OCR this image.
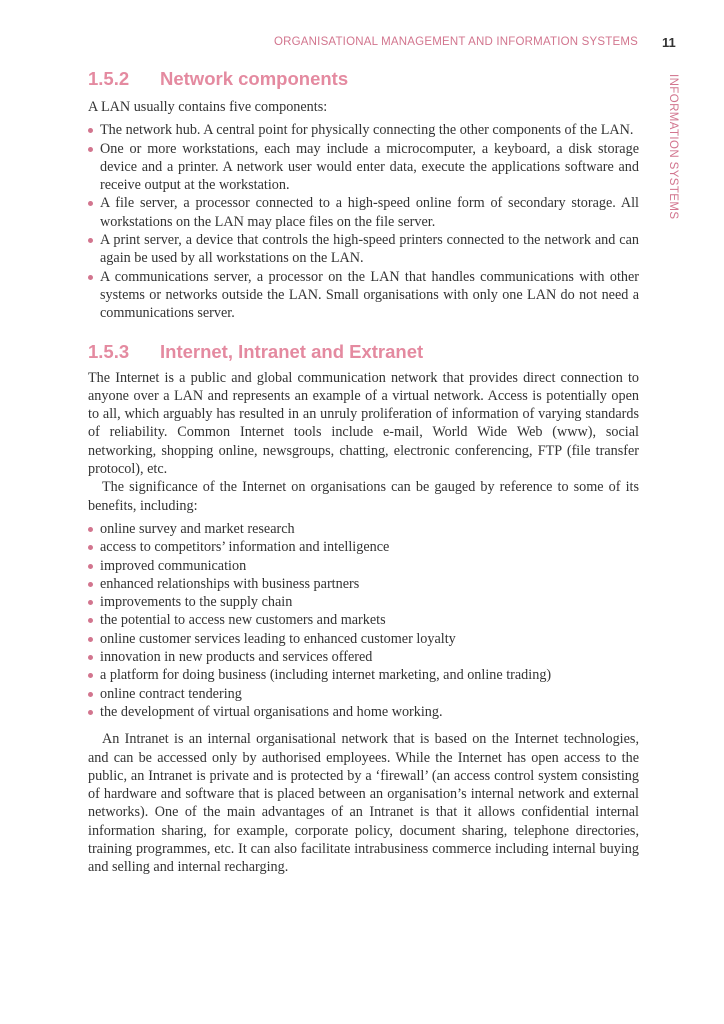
ORGANISATIONAL MANAGEMENT AND INFORMATION SYSTEMS 11
INFORMATION SYSTEMS
1.5.2 Network components

A LAN usually contains five components:

The network hub. A central point for physically connecting the other components of the LAN.
One or more workstations, each may include a microcomputer, a keyboard, a disk storage device and a printer. A network user would enter data, execute the applications software and receive output at the workstation.
A file server, a processor connected to a high-speed online form of secondary storage. All workstations on the LAN may place files on the file server.
A print server, a device that controls the high-speed printers connected to the network and can again be used by all workstations on the LAN.
A communications server, a processor on the LAN that handles communications with other systems or networks outside the LAN. Small organisations with only one LAN do not need a communications server.
1.5.3 Internet, Intranet and Extranet

The Internet is a public and global communication network that provides direct connection to anyone over a LAN and represents an example of a virtual network. Access is potentially open to all, which arguably has resulted in an unruly proliferation of information of varying standards of reliability. Common Internet tools include e-mail, World Wide Web (www), social networking, shopping online, newsgroups, chatting, electronic conferencing, FTP (file transfer protocol), etc.

The significance of the Internet on organisations can be gauged by reference to some of its benefits, including:

online survey and market research
access to competitors’ information and intelligence
improved communication
enhanced relationships with business partners
improvements to the supply chain
the potential to access new customers and markets
online customer services leading to enhanced customer loyalty
innovation in new products and services offered
a platform for doing business (including internet marketing, and online trading)
online contract tendering
the development of virtual organisations and home working.

An Intranet is an internal organisational network that is based on the Internet technologies, and can be accessed only by authorised employees. While the Internet has open access to the public, an Intranet is private and is protected by a ‘firewall’ (an access control system consisting of hardware and software that is placed between an organisation’s internal network and external networks). One of the main advantages of an Intranet is that it allows confidential internal information sharing, for example, corporate policy, document sharing, telephone directories, training programmes, etc. It can also facilitate intrabusiness commerce including internal buying and selling and internal recharging.
